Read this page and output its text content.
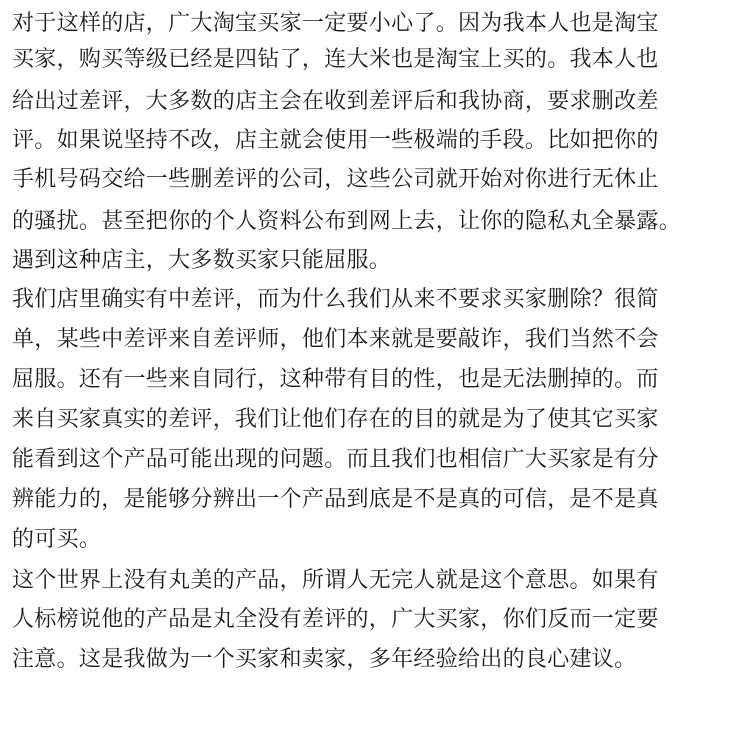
对于这样的店，广大淘宝买家一定要小心了。因为我本人也是淘宝
买家，购买等级已经是四钻了，连大米也是淘宝上买的。我本人也
给出过差评，大多数的店主会在收到差评后和我协商，要求删改差
评。如果说坚持不改，店主就会使用一些极端的手段。比如把你的
手机号码交给一些删差评的公司，这些公司就开始对你进行无休止
的骚扰。甚至把你的个人资料公布到网上去，让你的隐私丸全暴露。
遇到这种店主，大多数买家只能屈服。
我们店里确实有中差评，而为什么我们从来不要求买家删除？很简
单，某些中差评来自差评师，他们本来就是要敲诈，我们当然不会
屈服。还有一些来自同行，这种带有目的性，也是无法删掉的。而
来自买家真实的差评，我们让他们存在的目的就是为了使其它买家
能看到这个产品可能出现的问题。而且我们也相信广大买家是有分
辨能力的，是能够分辨出一个产品到底是不是真的可信，是不是真
的可买。
这个世界上没有丸美的产品，所谓人无完人就是这个意思。如果有
人标榜说他的产品是丸全没有差评的，广大买家，你们反而一定要
注意。这是我做为一个买家和卖家，多年经验给出的良心建议。
